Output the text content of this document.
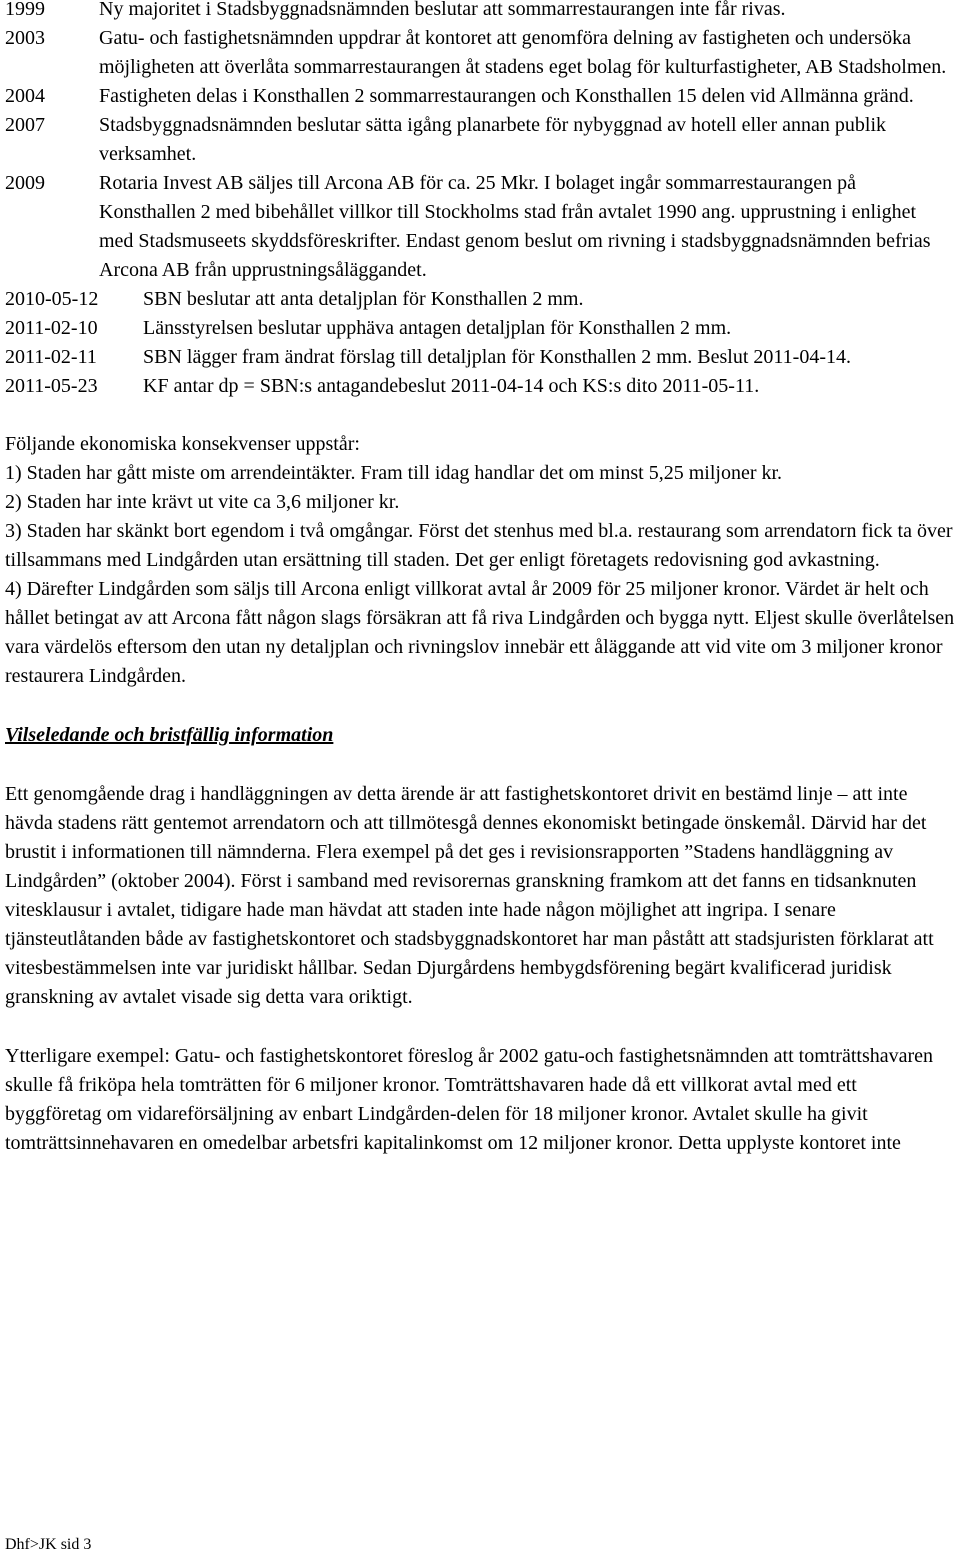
1999	Ny majoritet i Stadsbyggnadsnämnden beslutar att sommarrestaurangen inte får rivas.
2003	Gatu- och fastighetsnämnden uppdrar åt kontoret att genomföra delning av fastigheten och undersöka möjligheten att överlåta sommarrestaurangen åt stadens eget bolag för kulturfastigheter, AB Stadsholmen.
2004	Fastigheten delas i Konsthallen 2 sommarrestaurangen och Konsthallen 15 delen vid Allmänna gränd.
2007	Stadsbyggnadsnämnden beslutar sätta igång planarbete för nybyggnad av hotell eller annan publik verksamhet.
2009	Rotaria Invest AB säljes till Arcona AB för ca. 25 Mkr. I bolaget ingår sommarrestaurangen på Konsthallen 2 med bibehållet villkor till Stockholms stad från avtalet 1990 ang. upprustning i enlighet med Stadsmuseets skyddsföreskrifter. Endast genom beslut om rivning i stadsbyggnadsnämnden befrias Arcona AB från upprustningsåläggandet.
2010-05-12	SBN beslutar att anta detaljplan för Konsthallen 2 mm.
2011-02-10	Länsstyrelsen beslutar upphäva antagen detaljplan för Konsthallen 2 mm.
2011-02-11	SBN lägger fram ändrat förslag till detaljplan för Konsthallen 2 mm. Beslut 2011-04-14.
2011-05-23	KF antar dp = SBN:s antagandebeslut 2011-04-14 och KS:s dito 2011-05-11.

Följande ekonomiska konsekvenser uppstår:

1) Staden har gått miste om arrendeintäkter. Fram till idag handlar det om minst 5,25 miljoner kr.

2) Staden har inte krävt ut vite ca 3,6 miljoner kr.

3) Staden har skänkt bort egendom i två omgångar. Först det stenhus med bl.a. restaurang som arrendatorn fick ta över tillsammans med Lindgården utan ersättning till staden. Det ger enligt företagets redovisning god avkastning.

4) Därefter Lindgården som säljs till Arcona enligt villkorat avtal år 2009 för 25 miljoner kronor. Värdet är helt och hållet betingat av att Arcona fått någon slags försäkran att få riva Lindgården och bygga nytt. Eljest skulle överlåtelsen vara värdelös eftersom den utan ny detaljplan och rivningslov innebär ett åläggande att vid vite om 3 miljoner kronor restaurera Lindgården.

Vilseledande och bristfällig information

Ett genomgående drag i handläggningen av detta ärende är att fastighetskontoret drivit en bestämd linje – att inte hävda stadens rätt gentemot arrendatorn och att tillmötesgå dennes ekonomiskt betingade önskemål. Därvid har det brustit i informationen till nämnderna. Flera exempel på det ges i revisionsrapporten ”Stadens handläggning av Lindgården” (oktober 2004). Först i samband med revisorernas granskning framkom att det fanns en tidsanknuten vitesklausur i avtalet, tidigare hade man hävdat att staden inte hade någon möjlighet att ingripa. I senare tjänsteutlåtanden både av fastighetskontoret och stadsbyggnadskontoret har man påstått att stadsjuristen förklarat att vitesbestämmelsen inte var juridiskt hållbar. Sedan Djurgårdens hembygdsförening begärt kvalificerad juridisk granskning av avtalet visade sig detta vara oriktigt.

Ytterligare exempel: Gatu- och fastighetskontoret föreslog år 2002 gatu-och fastighetsnämnden att tomträttshavaren skulle få friköpa hela tomträtten för 6 miljoner kronor. Tomträttshavaren hade då ett villkorat avtal med ett byggföretag om vidareförsäljning av enbart Lindgården-delen för 18 miljoner kronor. Avtalet skulle ha givit tomträttsinnehavaren en omedelbar arbetsfri kapitalinkomst om 12 miljoner kronor. Detta upplyste kontoret inte

Dhf>JK sid 3
